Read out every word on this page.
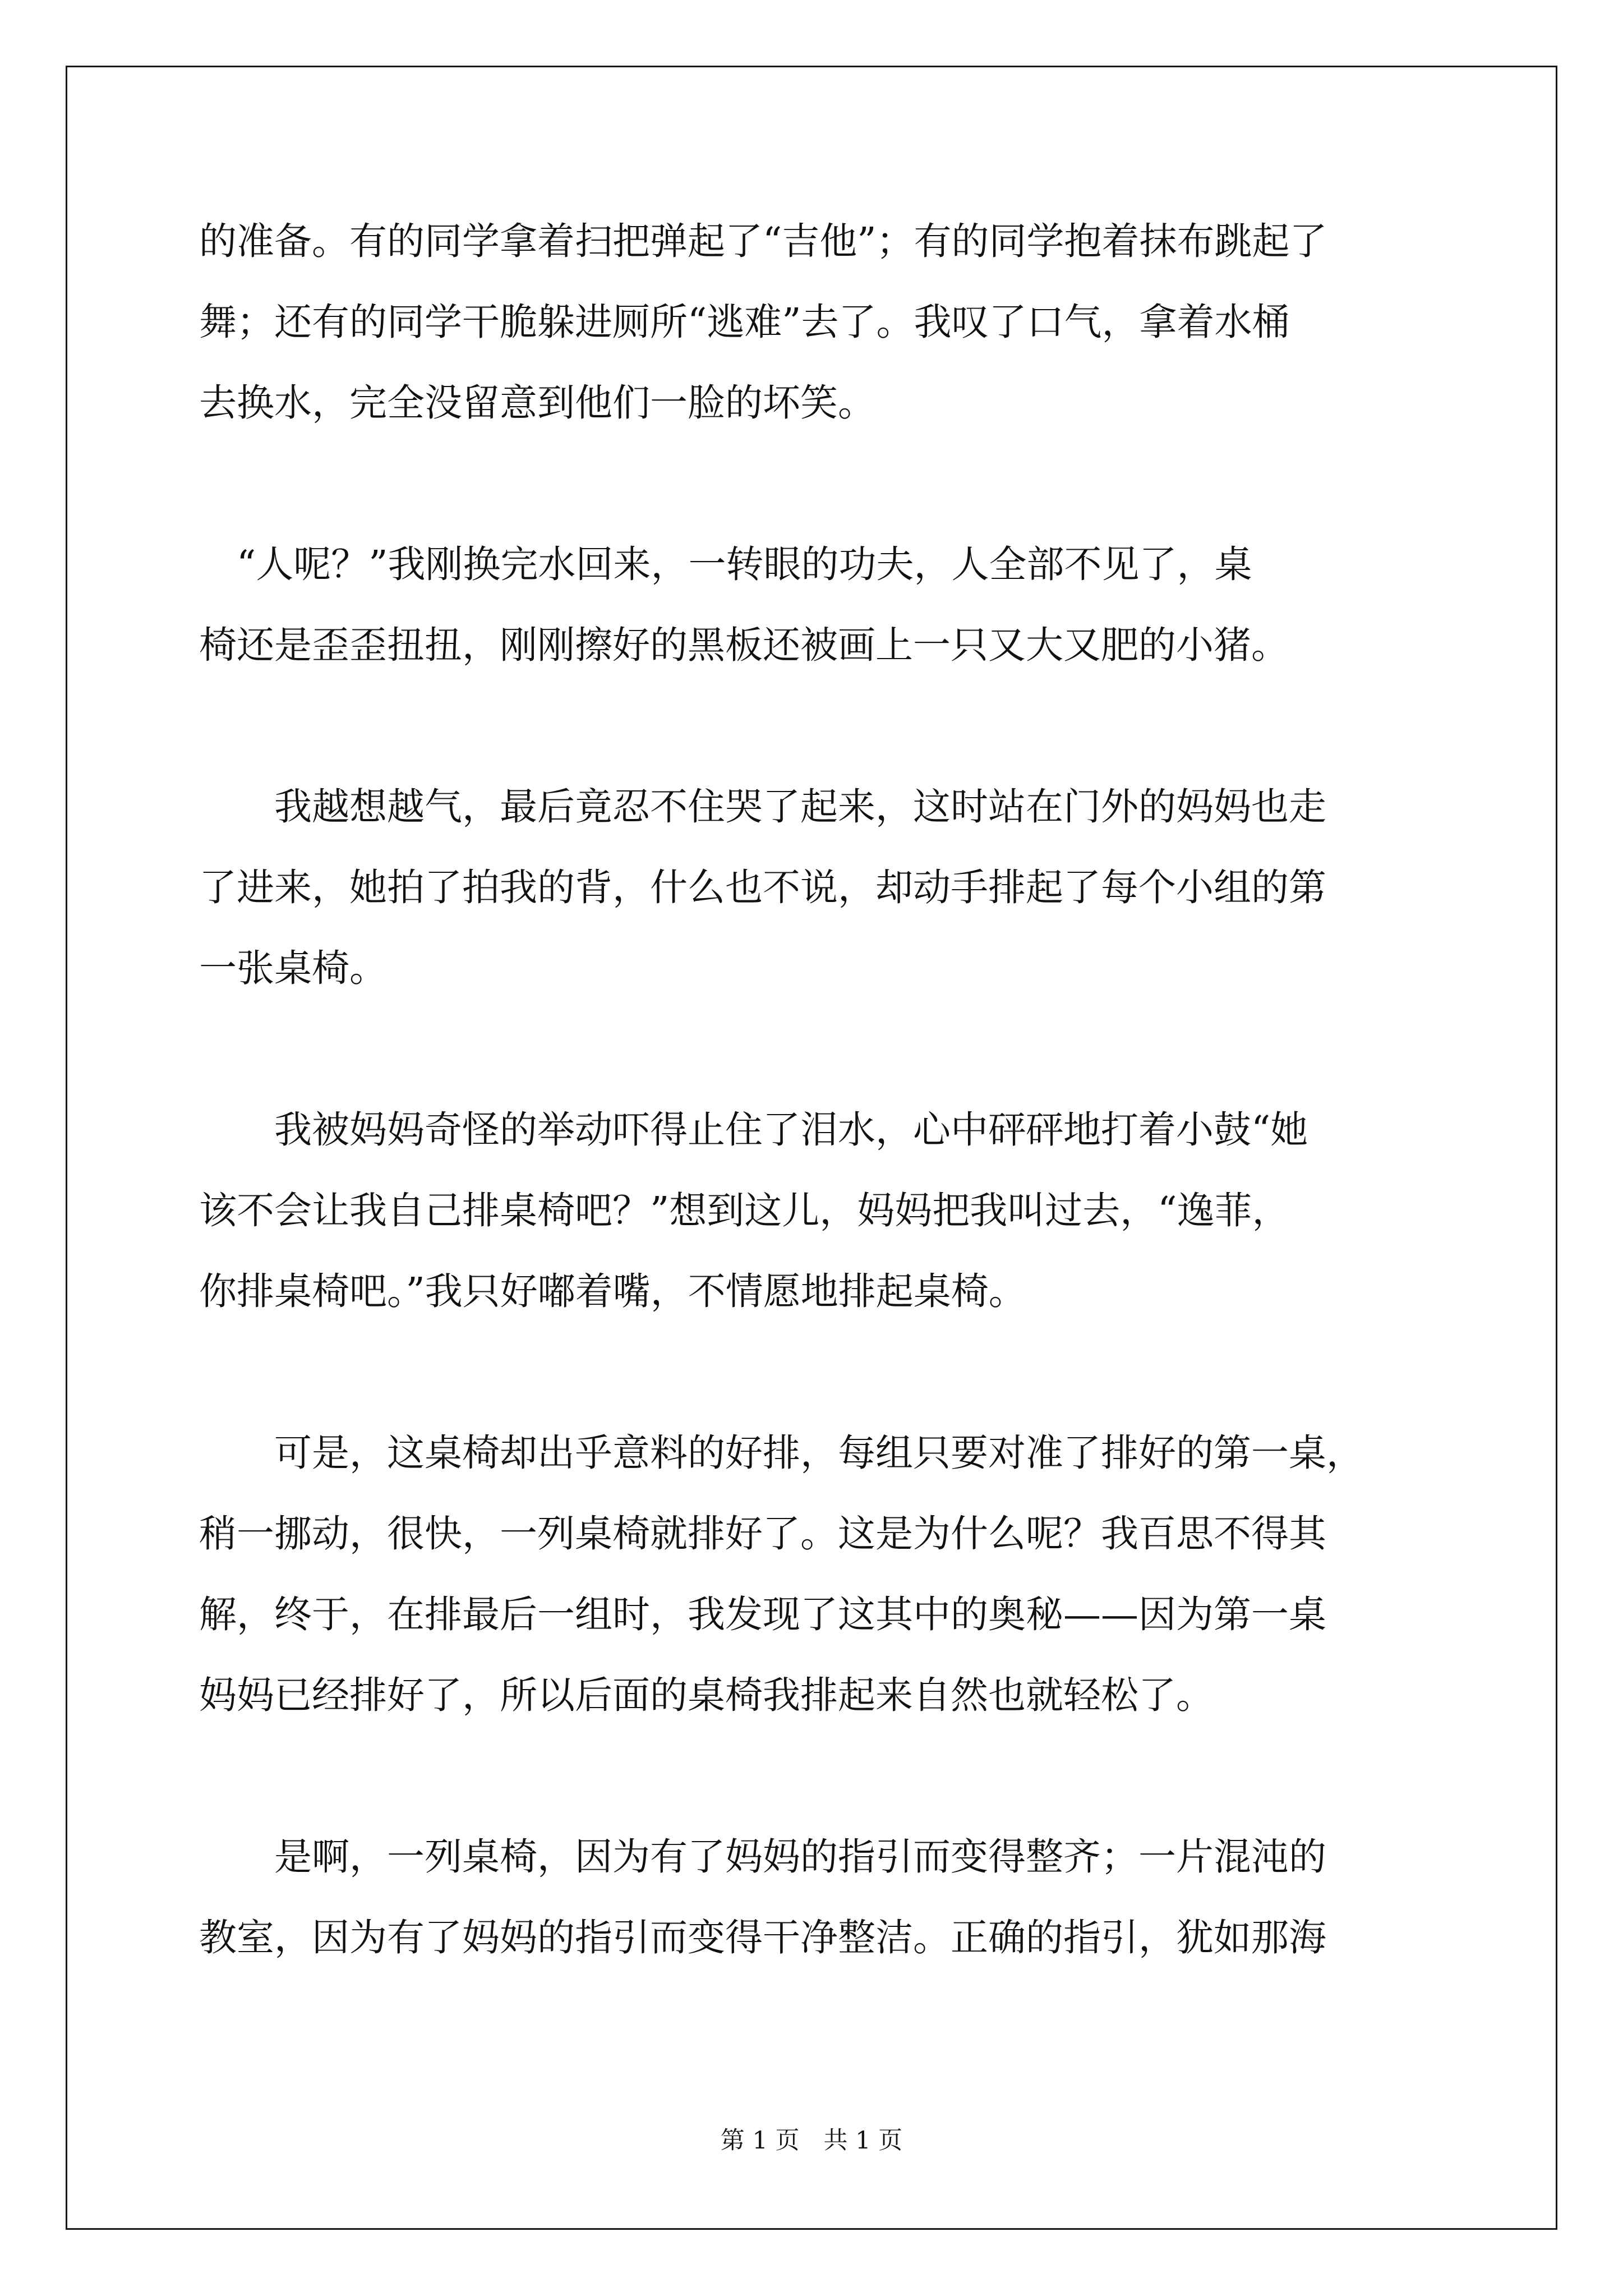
的准备。有的同学拿着扫把弹起了“吉他”；有的同学抱着抹布跳起了
舞；还有的同学干脆躲进厕所“逃难”去了。我叹了口气，拿着水桶
去换水，完全没留意到他们一脸的坏笑。
　“人呢？”我刚换完水回来，一转眼的功夫，人全部不见了，桌
椅还是歪歪扭扭，刚刚擦好的黑板还被画上一只又大又肥的小猪。
　　我越想越气，最后竟忍不住哭了起来，这时站在门外的妈妈也走
了进来，她拍了拍我的背，什么也不说，却动手排起了每个小组的第
一张桌椅。
　　我被妈妈奇怪的举动吓得止住了泪水，心中砰砰地打着小鼓“她
该不会让我自己排桌椅吧？”想到这儿，妈妈把我叫过去，“逸菲，
你排桌椅吧。”我只好嘟着嘴，不情愿地排起桌椅。
　　可是，这桌椅却出乎意料的好排，每组只要对准了排好的第一桌，
稍一挪动，很快，一列桌椅就排好了。这是为什么呢？我百思不得其
解，终于，在排最后一组时，我发现了这其中的奥秘——因为第一桌
妈妈已经排好了，所以后面的桌椅我排起来自然也就轻松了。
　　是啊，一列桌椅，因为有了妈妈的指引而变得整齐；一片混沌的
教室，因为有了妈妈的指引而变得干净整洁。正确的指引，犹如那海
第 1 页　共 1 页
